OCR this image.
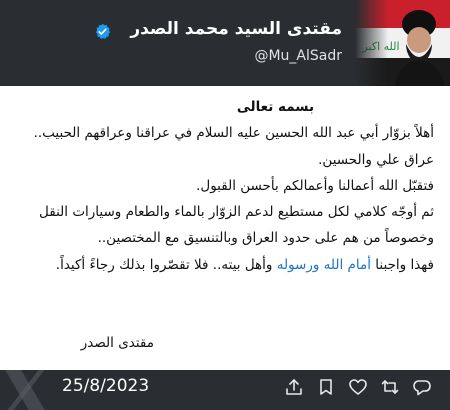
مقتدى السيد محمد الصدر
@Mu_AlSadr

بسمه تعالى

أهلاً بزوّار أبي عبد الله الحسين عليه السلام في عراقنا وعراقهم الحبيب.. عراق علي والحسين.

فتقبّل الله أعمالنا وأعمالكم بأحسن القبول.

ثم أوجّه كلامي لكل مستطيع لدعم الزوّار بالماء والطعام وسيارات النقل وخصوصاً من هم على حدود العراق وبالتنسيق مع المختصين..

فهذا واجبنا أمام الله ورسوله وأهل بيته.. فلا تقصّروا بذلك رجاءً أكيداً.

مقتدى الصدر
25/8/2023
